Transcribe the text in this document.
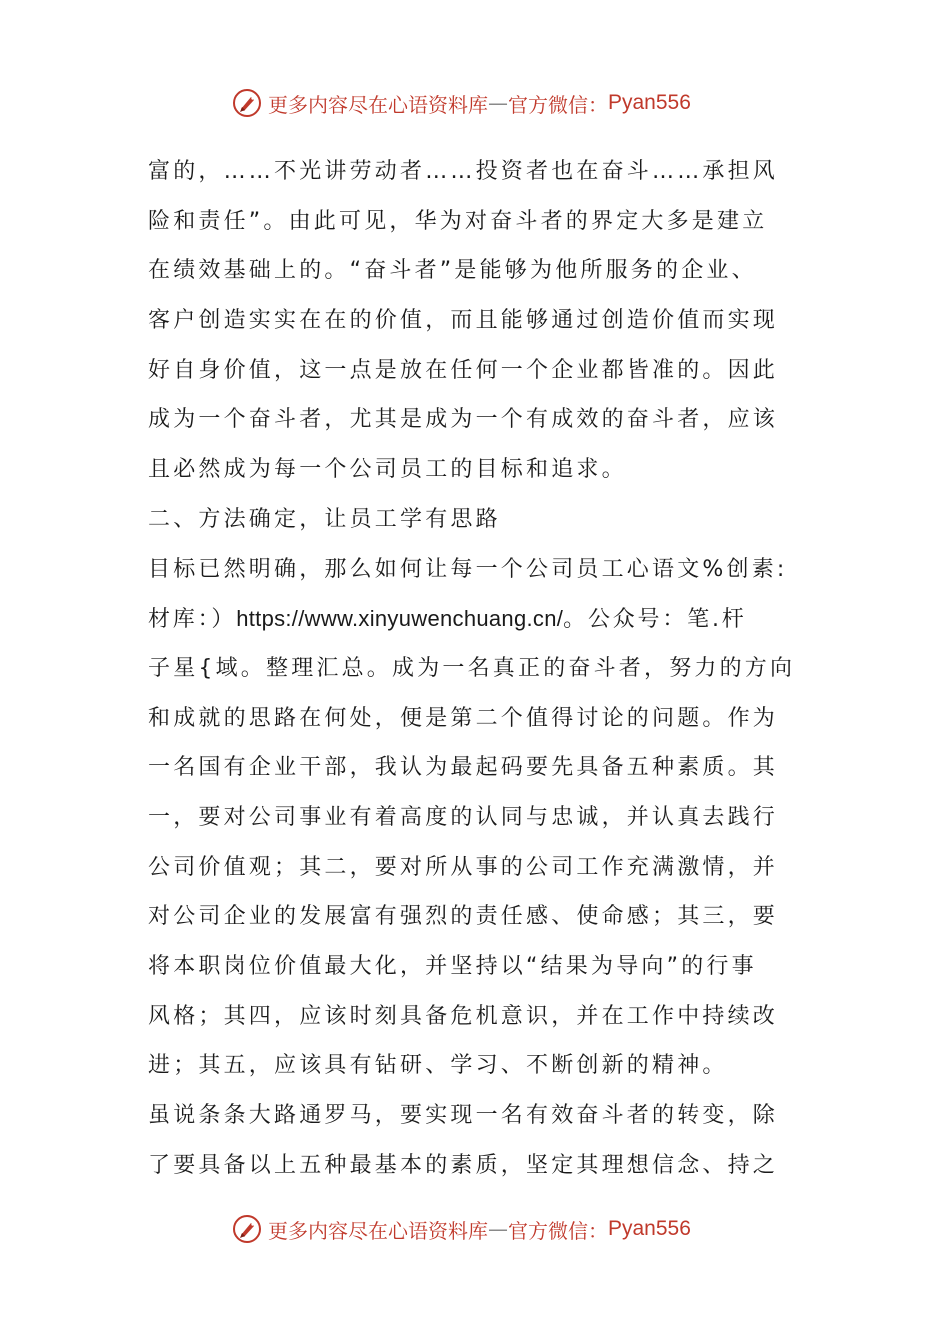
更多内容尽在心语资料库 — 官方微信： Pyan556
富的，……不光讲劳动者……投资者也在奋斗……承担风
险和责任”。由此可见，华为对奋斗者的界定大多是建立
在绩效基础上的。“奋斗者”是能够为他所服务的企业、
客户创造实实在在的价值，而且能够通过创造价值而实现
好自身价值，这一点是放在任何一个企业都皆准的。因此
成为一个奋斗者，尤其是成为一个有成效的奋斗者，应该
且必然成为每一个公司员工的目标和追求。
二、方法确定，让员工学有思路
目标已然明确，那么如何让每一个公司员工心语文%创素:
材库：）https://www.xinyuwenchuang.cn/。公众号：笔.杆
子星{域。整理汇总。成为一名真正的奋斗者，努力的方向
和成就的思路在何处，便是第二个值得讨论的问题。作为
一名国有企业干部，我认为最起码要先具备五种素质。其
一，要对公司事业有着高度的认同与忠诚，并认真去践行
公司价值观；其二，要对所从事的公司工作充满激情，并
对公司企业的发展富有强烈的责任感、使命感；其三，要
将本职岗位价值最大化，并坚持以“结果为导向”的行事
风格；其四，应该时刻具备危机意识，并在工作中持续改
进；其五，应该具有钻研、学习、不断创新的精神。
虽说条条大路通罗马，要实现一名有效奋斗者的转变，除
了要具备以上五种最基本的素质，坚定其理想信念、持之
更多内容尽在心语资料库 — 官方微信： Pyan556
